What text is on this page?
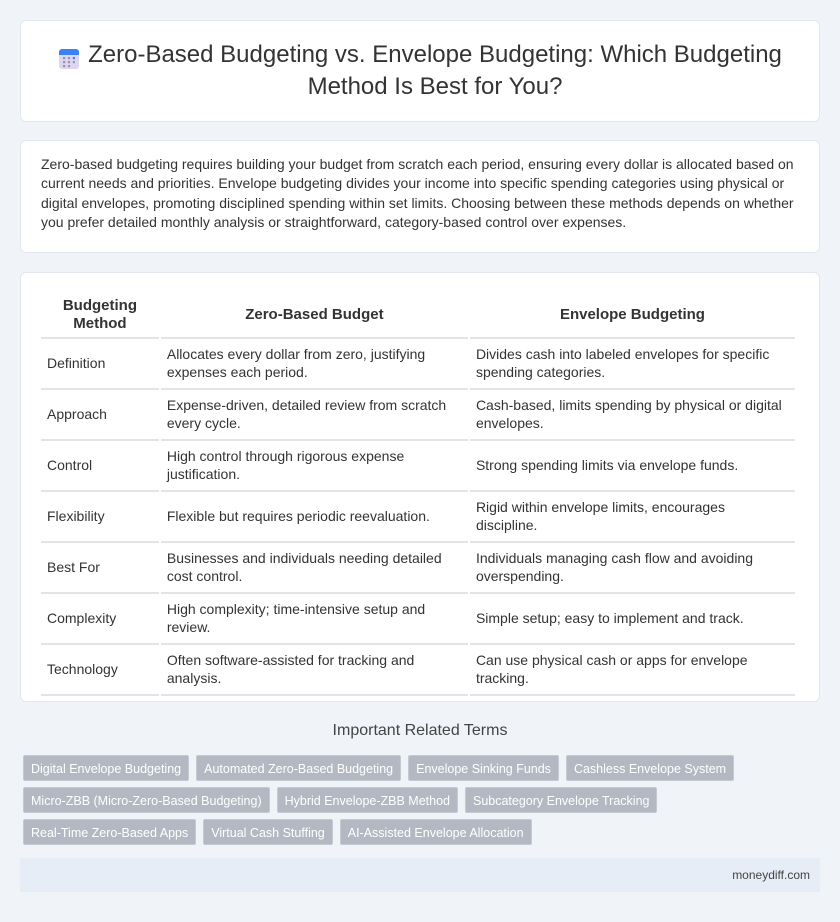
Zero-Based Budgeting vs. Envelope Budgeting: Which Budgeting Method Is Best for You?

Zero-based budgeting requires building your budget from scratch each period, ensuring every dollar is allocated based on current needs and priorities. Envelope budgeting divides your income into specific spending categories using physical or digital envelopes, promoting disciplined spending within set limits. Choosing between these methods depends on whether you prefer detailed monthly analysis or straightforward, category-based control over expenses.

Budgeting Method	Zero-Based Budget	Envelope Budgeting
Definition	Allocates every dollar from zero, justifying expenses each period.	Divides cash into labeled envelopes for specific spending categories.
Approach	Expense-driven, detailed review from scratch every cycle.	Cash-based, limits spending by physical or digital envelopes.
Control	High control through rigorous expense justification.	Strong spending limits via envelope funds.
Flexibility	Flexible but requires periodic reevaluation.	Rigid within envelope limits, encourages discipline.
Best For	Businesses and individuals needing detailed cost control.	Individuals managing cash flow and avoiding overspending.
Complexity	High complexity; time-intensive setup and review.	Simple setup; easy to implement and track.
Technology	Often software-assisted for tracking and analysis.	Can use physical cash or apps for envelope tracking.
Important Related Terms
Digital Envelope Budgeting	Automated Zero-Based Budgeting	Envelope Sinking Funds	Cashless Envelope System
Micro-ZBB (Micro-Zero-Based Budgeting)	Hybrid Envelope-ZBB Method	Subcategory Envelope Tracking
Real-Time Zero-Based Apps	Virtual Cash Stuffing	AI-Assisted Envelope Allocation
moneydiff.com
